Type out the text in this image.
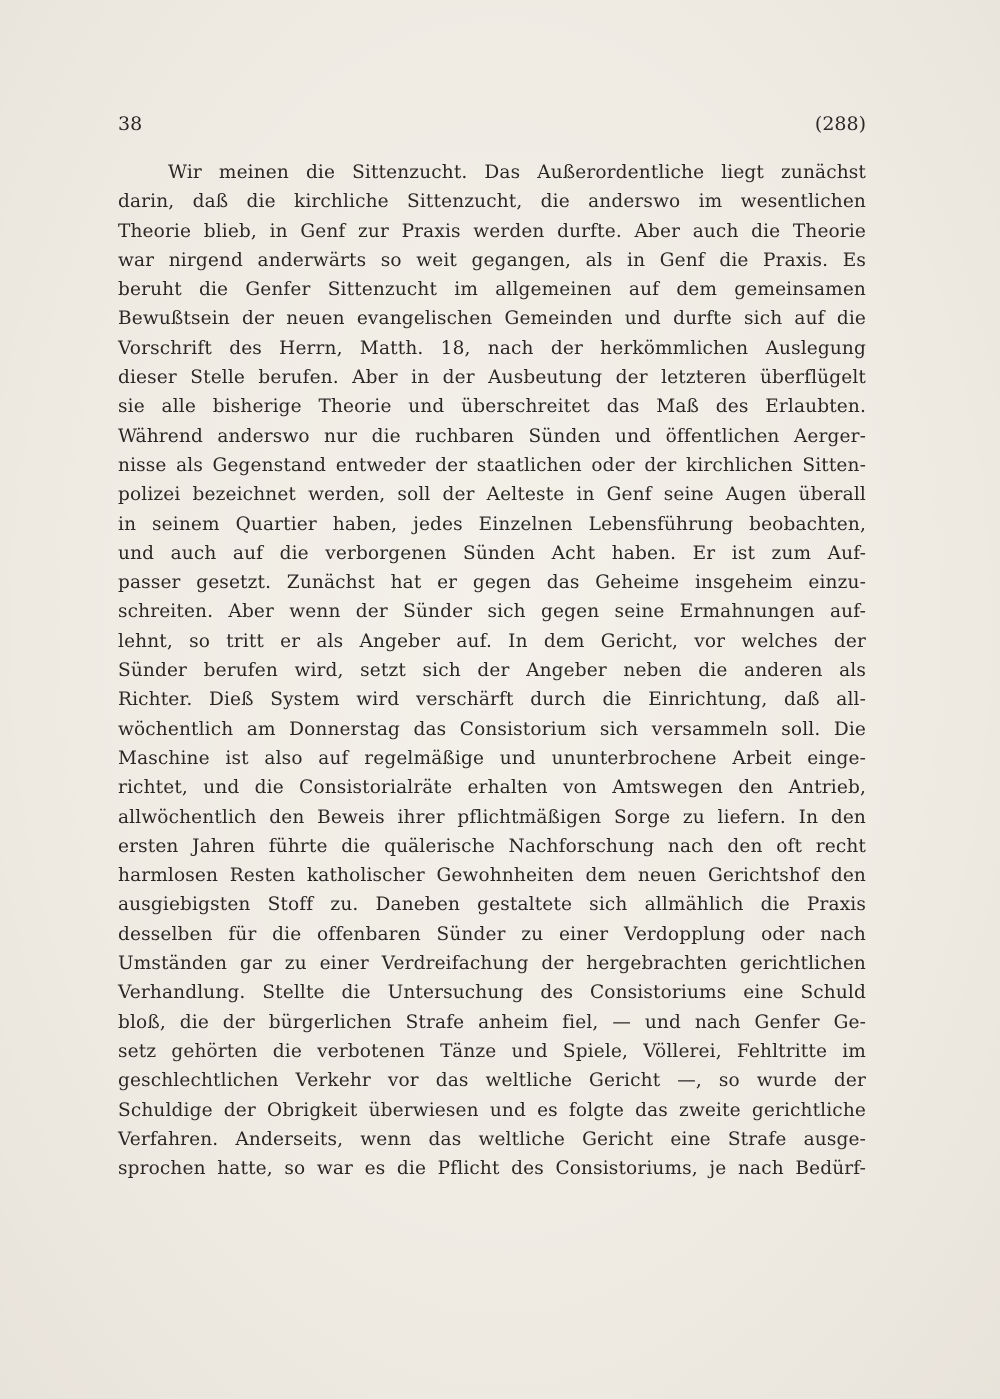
38	(288)
Wir meinen die Sittenzucht. Das Außerordentliche liegt zunächst
darin, daß die kirchliche Sittenzucht, die anderswo im wesentlichen
Theorie blieb, in Genf zur Praxis werden durfte. Aber auch die Theorie
war nirgend anderwärts so weit gegangen, als in Genf die Praxis. Es
beruht die Genfer Sittenzucht im allgemeinen auf dem gemeinsamen
Bewußtsein der neuen evangelischen Gemeinden und durfte sich auf die
Vorschrift des Herrn, Matth. 18, nach der herkömmlichen Auslegung
dieser Stelle berufen. Aber in der Ausbeutung der letzteren überflügelt
sie alle bisherige Theorie und überschreitet das Maß des Erlaubten.
Während anderswo nur die ruchbaren Sünden und öffentlichen Aerger-
nisse als Gegenstand entweder der staatlichen oder der kirchlichen Sitten-
polizei bezeichnet werden, soll der Aelteste in Genf seine Augen überall
in seinem Quartier haben, jedes Einzelnen Lebensführung beobachten,
und auch auf die verborgenen Sünden Acht haben. Er ist zum Auf-
passer gesetzt. Zunächst hat er gegen das Geheime insgeheim einzu-
schreiten. Aber wenn der Sünder sich gegen seine Ermahnungen auf-
lehnt, so tritt er als Angeber auf. In dem Gericht, vor welches der
Sünder berufen wird, setzt sich der Angeber neben die anderen als
Richter. Dieß System wird verschärft durch die Einrichtung, daß all-
wöchentlich am Donnerstag das Consistorium sich versammeln soll. Die
Maschine ist also auf regelmäßige und ununterbrochene Arbeit einge-
richtet, und die Consistorialräte erhalten von Amtswegen den Antrieb,
allwöchentlich den Beweis ihrer pflichtmäßigen Sorge zu liefern. In den
ersten Jahren führte die quälerische Nachforschung nach den oft recht
harmlosen Resten katholischer Gewohnheiten dem neuen Gerichtshof den
ausgiebigsten Stoff zu. Daneben gestaltete sich allmählich die Praxis
desselben für die offenbaren Sünder zu einer Verdopplung oder nach
Umständen gar zu einer Verdreifachung der hergebrachten gerichtlichen
Verhandlung. Stellte die Untersuchung des Consistoriums eine Schuld
bloß, die der bürgerlichen Strafe anheim fiel, — und nach Genfer Ge-
setz gehörten die verbotenen Tänze und Spiele, Völlerei, Fehltritte im
geschlechtlichen Verkehr vor das weltliche Gericht —, so wurde der
Schuldige der Obrigkeit überwiesen und es folgte das zweite gerichtliche
Verfahren. Anderseits, wenn das weltliche Gericht eine Strafe ausge-
sprochen hatte, so war es die Pflicht des Consistoriums, je nach Bedürf-
